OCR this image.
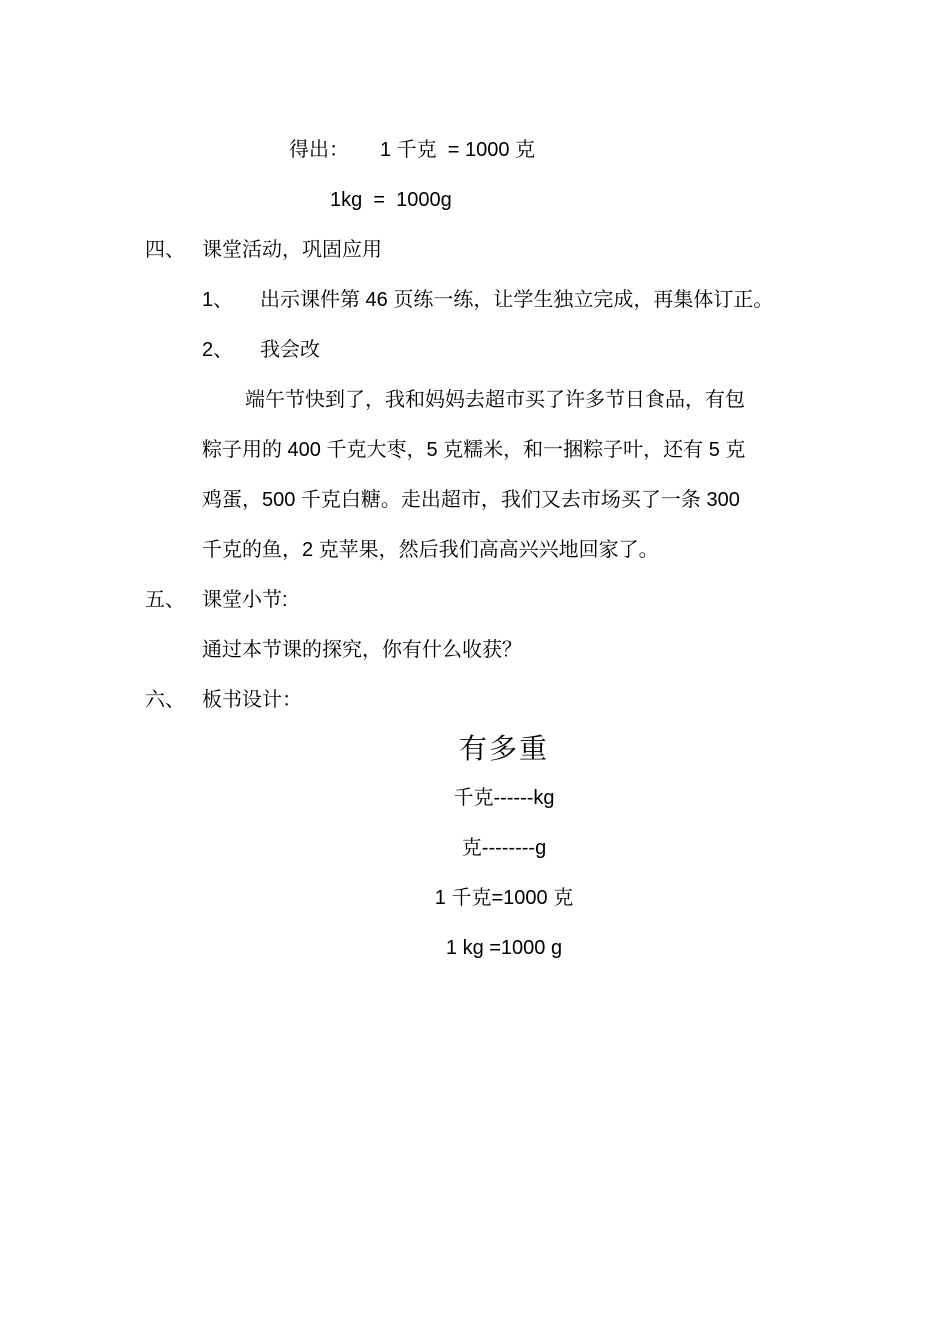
得出： 1 千克  = 1000 克
1kg  =  1000g
四、 课堂活动，巩固应用
1、 出示课件第 46 页练一练，让学生独立完成，再集体订正。
2、 我会改
端午节快到了，我和妈妈去超市买了许多节日食品，有包
粽子用的 400 千克大枣，5 克糯米，和一捆粽子叶，还有 5 克
鸡蛋，500 千克白糖。走出超市，我们又去市场买了一条 300
千克的鱼，2 克苹果，然后我们高高兴兴地回家了。
五、 课堂小节:
通过本节课的探究，你有什么收获？
六、 板书设计：
有多重
千克------kg
克--------g
1 千克=1000 克
1 kg =1000 g
